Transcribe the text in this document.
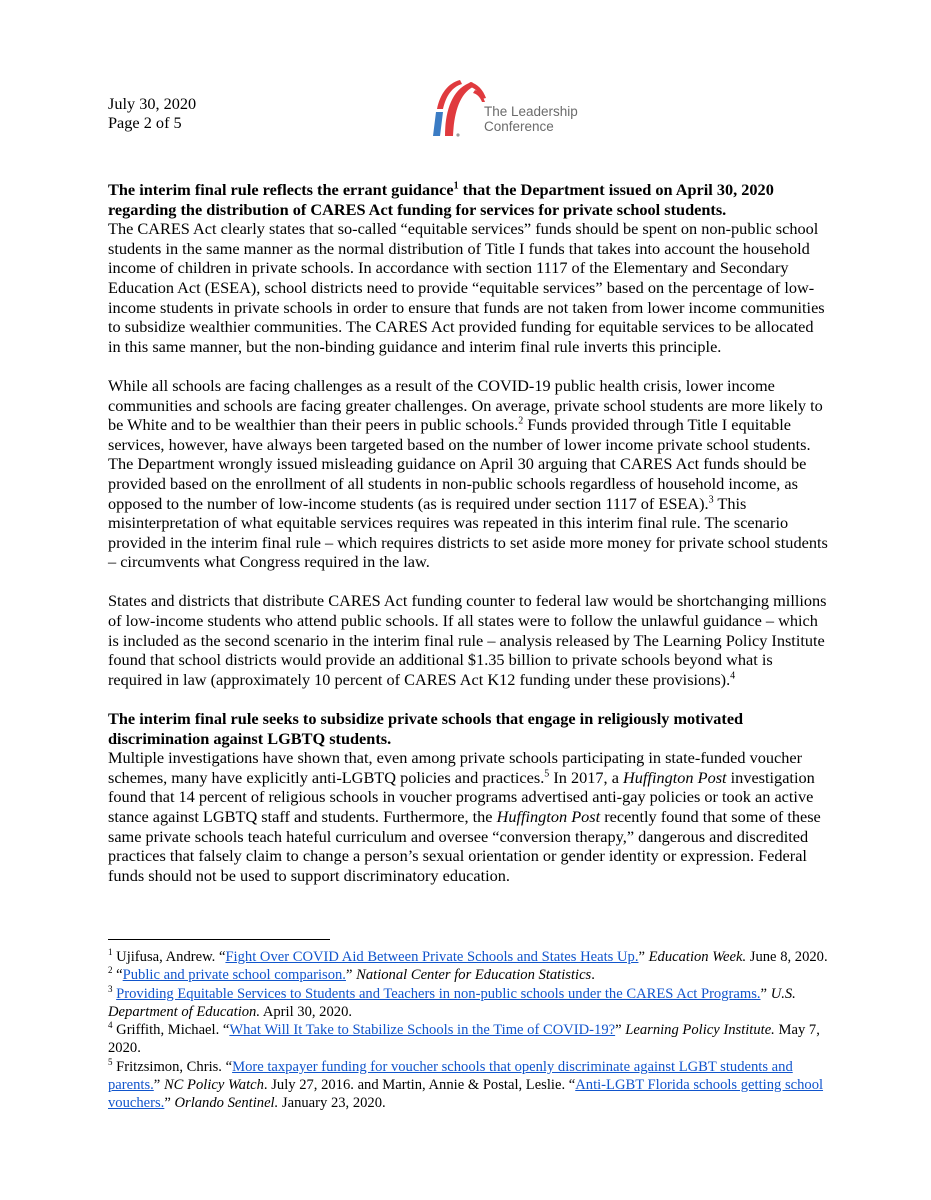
July 30, 2020
Page 2 of 5
The Leadership
Conference

The interim final rule reflects the errant guidance$^1$ that the Department issued on April 30, 2020 regarding the distribution of CARES Act funding for services for private school students.

The CARES Act clearly states that so-called “equitable services” funds should be spent on non-public school students in the same manner as the normal distribution of Title I funds that takes into account the household income of children in private schools. In accordance with section 1117 of the Elementary and Secondary Education Act (ESEA), school districts need to provide “equitable services” based on the percentage of low-income students in private schools in order to ensure that funds are not taken from lower income communities to subsidize wealthier communities. The CARES Act provided funding for equitable services to be allocated in this same manner, but the non-binding guidance and interim final rule inverts this principle.

While all schools are facing challenges as a result of the COVID-19 public health crisis, lower income communities and schools are facing greater challenges. On average, private school students are more likely to be White and to be wealthier than their peers in public schools.$^2$ Funds provided through Title I equitable services, however, have always been targeted based on the number of lower income private school students. The Department wrongly issued misleading guidance on April 30 arguing that CARES Act funds should be provided based on the enrollment of all students in non-public schools regardless of household income, as opposed to the number of low-income students (as is required under section 1117 of ESEA).$^3$ This misinterpretation of what equitable services requires was repeated in this interim final rule. The scenario provided in the interim final rule – which requires districts to set aside more money for private school students – circumvents what Congress required in the law.

States and districts that distribute CARES Act funding counter to federal law would be shortchanging millions of low-income students who attend public schools. If all states were to follow the unlawful guidance – which is included as the second scenario in the interim final rule – analysis released by The Learning Policy Institute found that school districts would provide an additional $1.35 billion to private schools beyond what is required in law (approximately 10 percent of CARES Act K12 funding under these provisions).$^4$

The interim final rule seeks to subsidize private schools that engage in religiously motivated discrimination against LGBTQ students.

Multiple investigations have shown that, even among private schools participating in state-funded voucher schemes, many have explicitly anti-LGBTQ policies and practices.$^5$ In 2017, a Huffington Post investigation found that 14 percent of religious schools in voucher programs advertised anti-gay policies or took an active stance against LGBTQ staff and students. Furthermore, the Huffington Post recently found that some of these same private schools teach hateful curriculum and oversee “conversion therapy,” dangerous and discredited practices that falsely claim to change a person’s sexual orientation or gender identity or expression. Federal funds should not be used to support discriminatory education.

$^1$ Ujifusa, Andrew. “Fight Over COVID Aid Between Private Schools and States Heats Up.” Education Week. June 8, 2020.

$^2$ “Public and private school comparison.” National Center for Education Statistics.

$^3$ Providing Equitable Services to Students and Teachers in non-public schools under the CARES Act Programs.” U.S. Department of Education. April 30, 2020.

$^4$ Griffith, Michael. “What Will It Take to Stabilize Schools in the Time of COVID-19?” Learning Policy Institute. May 7, 2020.

$^5$ Fritzsimon, Chris. “More taxpayer funding for voucher schools that openly discriminate against LGBT students and parents.” NC Policy Watch. July 27, 2016. and Martin, Annie & Postal, Leslie. “Anti-LGBT Florida schools getting school vouchers.” Orlando Sentinel. January 23, 2020.
